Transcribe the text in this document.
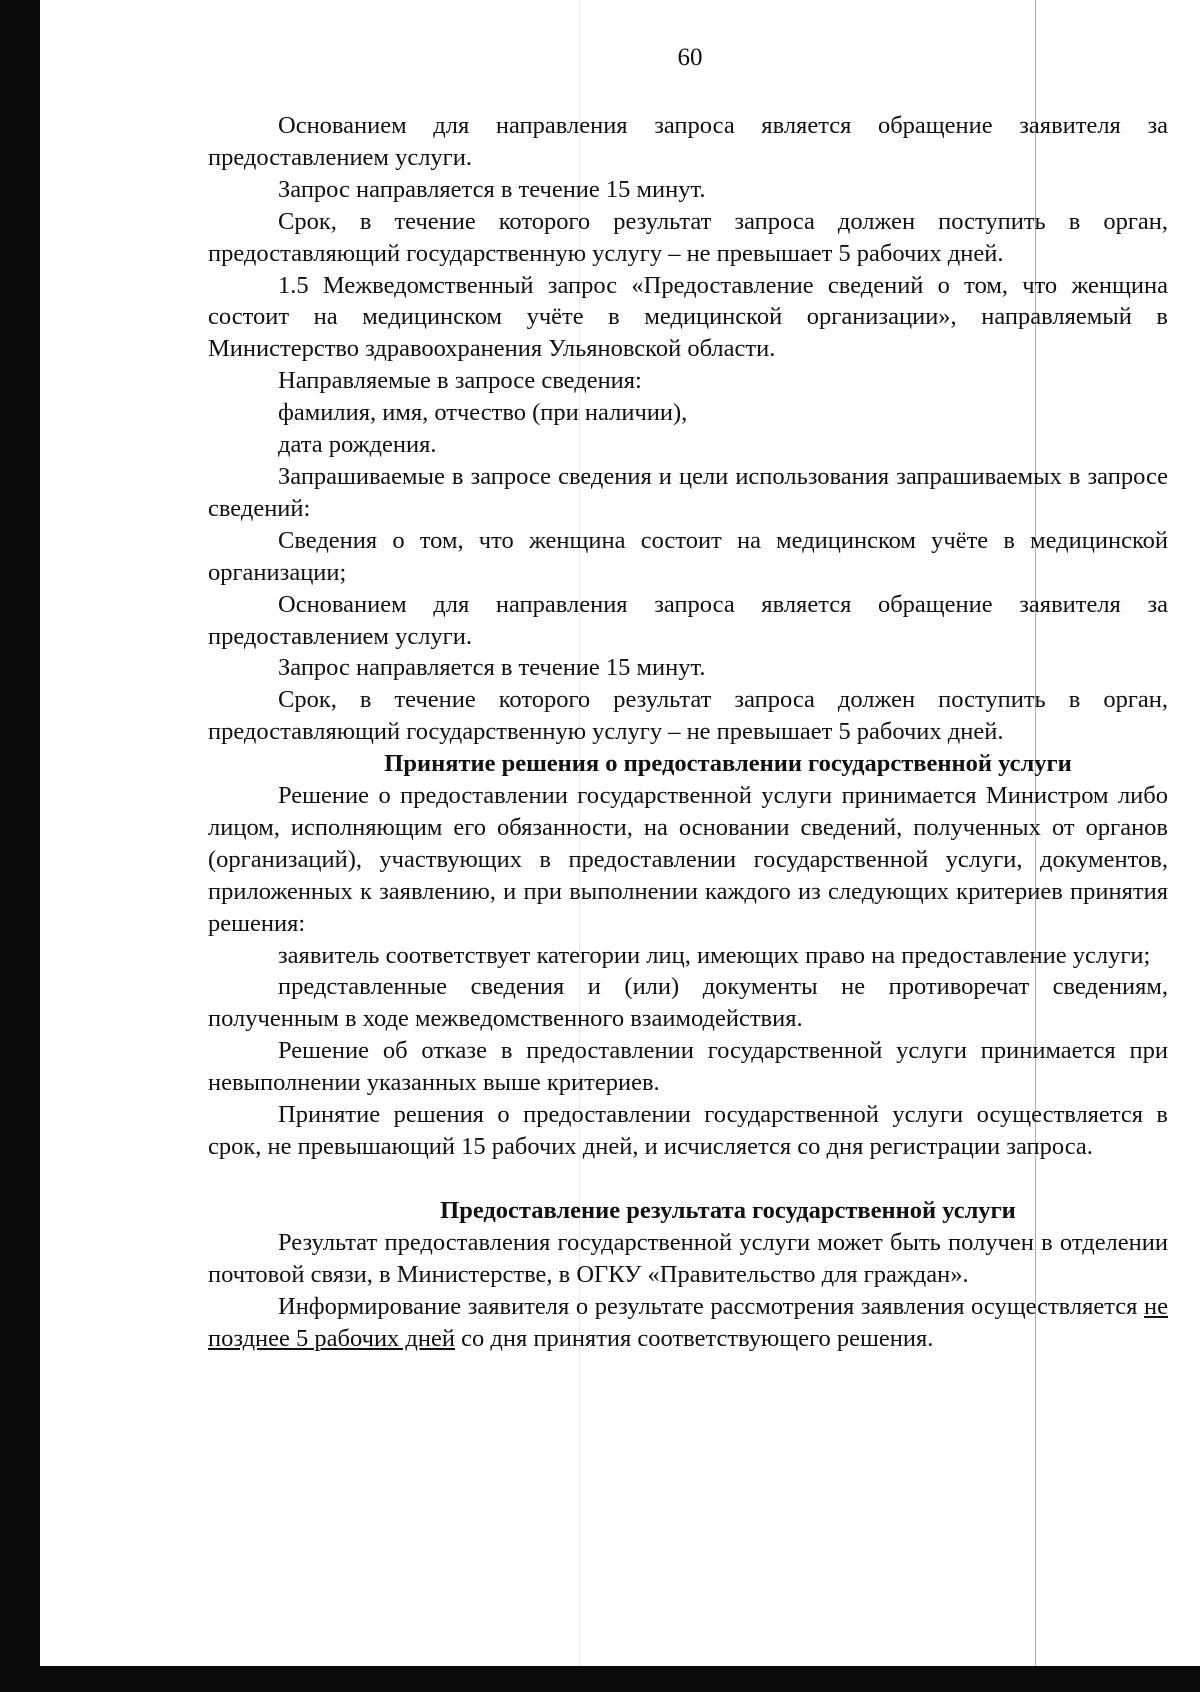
60

Основанием для направления запроса является обращение заявителя за предоставлением услуги.

Запрос направляется в течение 15 минут.

Срок, в течение которого результат запроса должен поступить в орган, предоставляющий государственную услугу – не превышает 5 рабочих дней.

1.5 Межведомственный запрос «Предоставление сведений о том, что женщина состоит на медицинском учёте в медицинской организации», направляемый в Министерство здравоохранения Ульяновской области.

Направляемые в запросе сведения:

фамилия, имя, отчество (при наличии),

дата рождения.

Запрашиваемые в запросе сведения и цели использования запрашиваемых в запросе сведений:

Сведения о том, что женщина состоит на медицинском учёте в медицинской организации;

Основанием для направления запроса является обращение заявителя за предоставлением услуги.

Запрос направляется в течение 15 минут.

Срок, в течение которого результат запроса должен поступить в орган, предоставляющий государственную услугу – не превышает 5 рабочих дней.

Принятие решения о предоставлении государственной услуги

Решение о предоставлении государственной услуги принимается Министром либо лицом, исполняющим его обязанности, на основании сведений, полученных от органов (организаций), участвующих в предоставлении государственной услуги, документов, приложенных к заявлению, и при выполнении каждого из следующих критериев принятия решения:

заявитель соответствует категории лиц, имеющих право на предоставление услуги;

представленные сведения и (или) документы не противоречат сведениям, полученным в ходе межведомственного взаимодействия.

Решение об отказе в предоставлении государственной услуги принимается при невыполнении указанных выше критериев.

Принятие решения о предоставлении государственной услуги осуществляется в срок, не превышающий 15 рабочих дней, и исчисляется со дня регистрации запроса.

Предоставление результата государственной услуги

Результат предоставления государственной услуги может быть получен в отделении почтовой связи, в Министерстве, в ОГКУ «Правительство для граждан».

Информирование заявителя о результате рассмотрения заявления осуществляется не позднее 5 рабочих дней со дня принятия соответствующего решения.
